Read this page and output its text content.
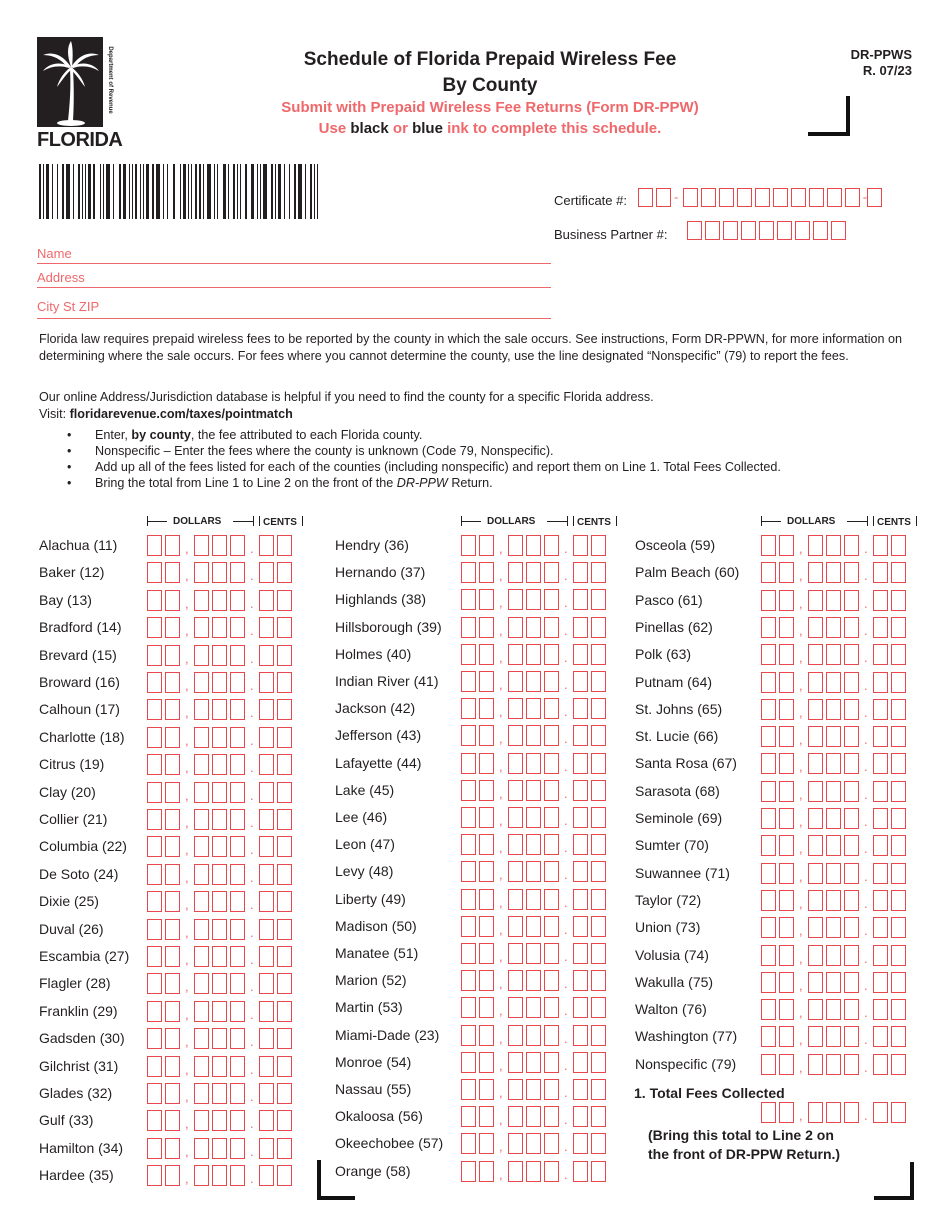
Department of Revenue
FLORIDA
Schedule of Florida Prepaid Wireless Fee
By County
Submit with Prepaid Wireless Fee Returns (Form DR-PPW)
Use black or blue ink to complete this schedule.
DR-PPWS
R. 07/23
Certificate #:	-	-
Business Partner #:
Name
Address
City St ZIP
Florida law requires prepaid wireless fees to be reported by the county in which the sale occurs. See instructions, Form DR-PPWN, for more information on determining where the sale occurs. For fees where you cannot determine the county, use the line designated “Nonspecific” (79) to report the fees.
Our online Address/Jurisdiction database is helpful if you need to find the county for a specific Florida address.
Visit: floridarevenue.com/taxes/pointmatch
• Enter, by county, the fee attributed to each Florida county.
• Nonspecific – Enter the fees where the county is unknown (Code 79, Nonspecific).
• Add up all of the fees listed for each of the counties (including nonspecific) and report them on Line 1. Total Fees Collected.
• Bring the total from Line 1 to Line 2 on the front of the DR-PPW Return.
DOLLARS	CENTS
Alachua (11)	,	.
Baker (12)	,	.
Bay (13)	,	.
Bradford (14)	,	.
Brevard (15)	,	.
Broward (16)	,	.
Calhoun (17)	,	.
Charlotte (18)	,	.
Citrus (19)	,	.
Clay (20)	,	.
Collier (21)	,	.
Columbia (22)	,	.
De Soto (24)	,	.
Dixie (25)	,	.
Duval (26)	,	.
Escambia (27)	,	.
Flagler (28)	,	.
Franklin (29)	,	.
Gadsden (30)	,	.
Gilchrist (31)	,	.
Glades (32)	,	.
Gulf (33)	,	.
Hamilton (34)	,	.
Hardee (35)	,	.
DOLLARS	CENTS
Hendry (36)	,	.
Hernando (37)	,	.
Highlands (38)	,	.
Hillsborough (39)	,	.
Holmes (40)	,	.
Indian River (41)	,	.
Jackson (42)	,	.
Jefferson (43)	,	.
Lafayette (44)	,	.
Lake (45)	,	.
Lee (46)	,	.
Leon (47)	,	.
Levy (48)	,	.
Liberty (49)	,	.
Madison (50)	,	.
Manatee (51)	,	.
Marion (52)	,	.
Martin (53)	,	.
Miami-Dade (23)	,	.
Monroe (54)	,	.
Nassau (55)	,	.
Okaloosa (56)	,	.
Okeechobee (57)	,	.
Orange (58)	,	.
DOLLARS	CENTS
Osceola (59)	,	.
Palm Beach (60)	,	.
Pasco (61)	,	.
Pinellas (62)	,	.
Polk (63)	,	.
Putnam (64)	,	.
St. Johns (65)	,	.
St. Lucie (66)	,	.
Santa Rosa (67)	,	.
Sarasota (68)	,	.
Seminole (69)	,	.
Sumter (70)	,	.
Suwannee (71)	,	.
Taylor (72)	,	.
Union (73)	,	.
Volusia (74)	,	.
Wakulla (75)	,	.
Walton (76)	,	.
Washington (77)	,	.
Nonspecific (79)	,	.
1. Total Fees Collected
,	.
(Bring this total to Line 2 on
the front of DR-PPW Return.)
